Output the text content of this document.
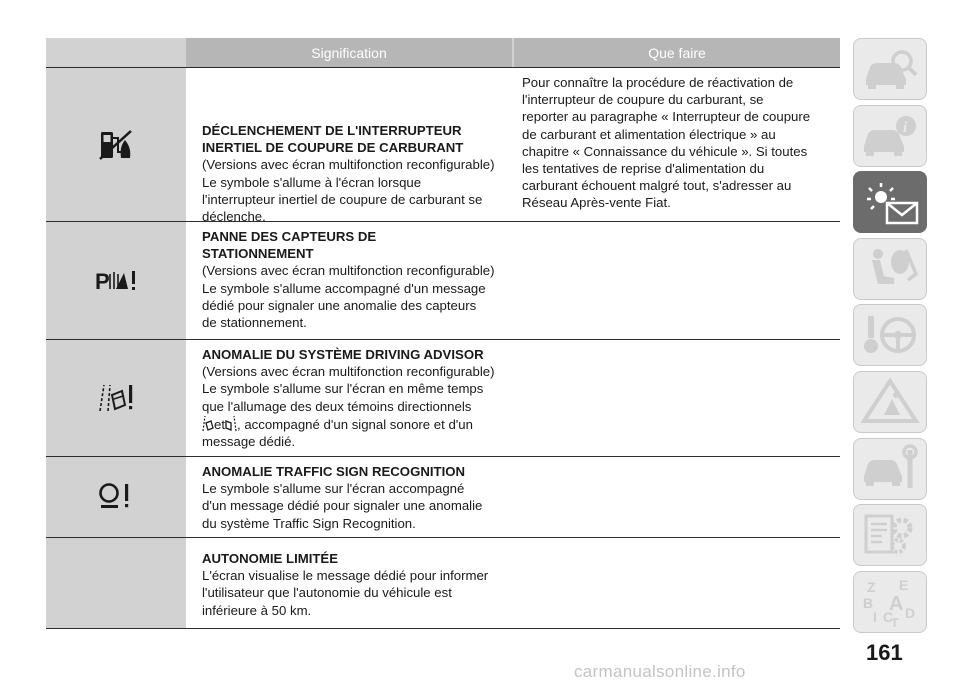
Signification	Que faire
DÉCLENCHEMENT DE L'INTERRUPTEUR
INERTIEL DE COUPURE DE CARBURANT
(Versions avec écran multifonction reconfigurable)
Le symbole s'allume à l'écran lorsque
l'interrupteur inertiel de coupure de carburant se
déclenche.
Pour connaître la procédure de réactivation de
l'interrupteur de coupure du carburant, se
reporter au paragraphe « Interrupteur de coupure
de carburant et alimentation électrique » au
chapitre « Connaissance du véhicule ». Si toutes
les tentatives de reprise d'alimentation du
carburant échouent malgré tout, s'adresser au
Réseau Après-vente Fiat.
P
PANNE DES CAPTEURS DE
STATIONNEMENT
(Versions avec écran multifonction reconfigurable)
Le symbole s'allume accompagné d'un message
dédié pour signaler une anomalie des capteurs
de stationnement.
ANOMALIE DU SYSTÈME DRIVING ADVISOR
(Versions avec écran multifonction reconfigurable)
Le symbole s'allume sur l'écran en même temps
que l'allumage des deux témoins directionnels
et , accompagné d'un signal sonore et d'un
message dédié.
ANOMALIE TRAFFIC SIGN RECOGNITION
Le symbole s'allume sur l'écran accompagné
d'un message dédié pour signaler une anomalie
du système Traffic Sign Recognition.
AUTONOMIE LIMITÉE
L'écran visualise le message dédié pour informer
l'utilisateur que l'autonomie du véhicule est
inférieure à 50 km.
i
Z E
B A
I C D
T
161
carmanualsonline.info
